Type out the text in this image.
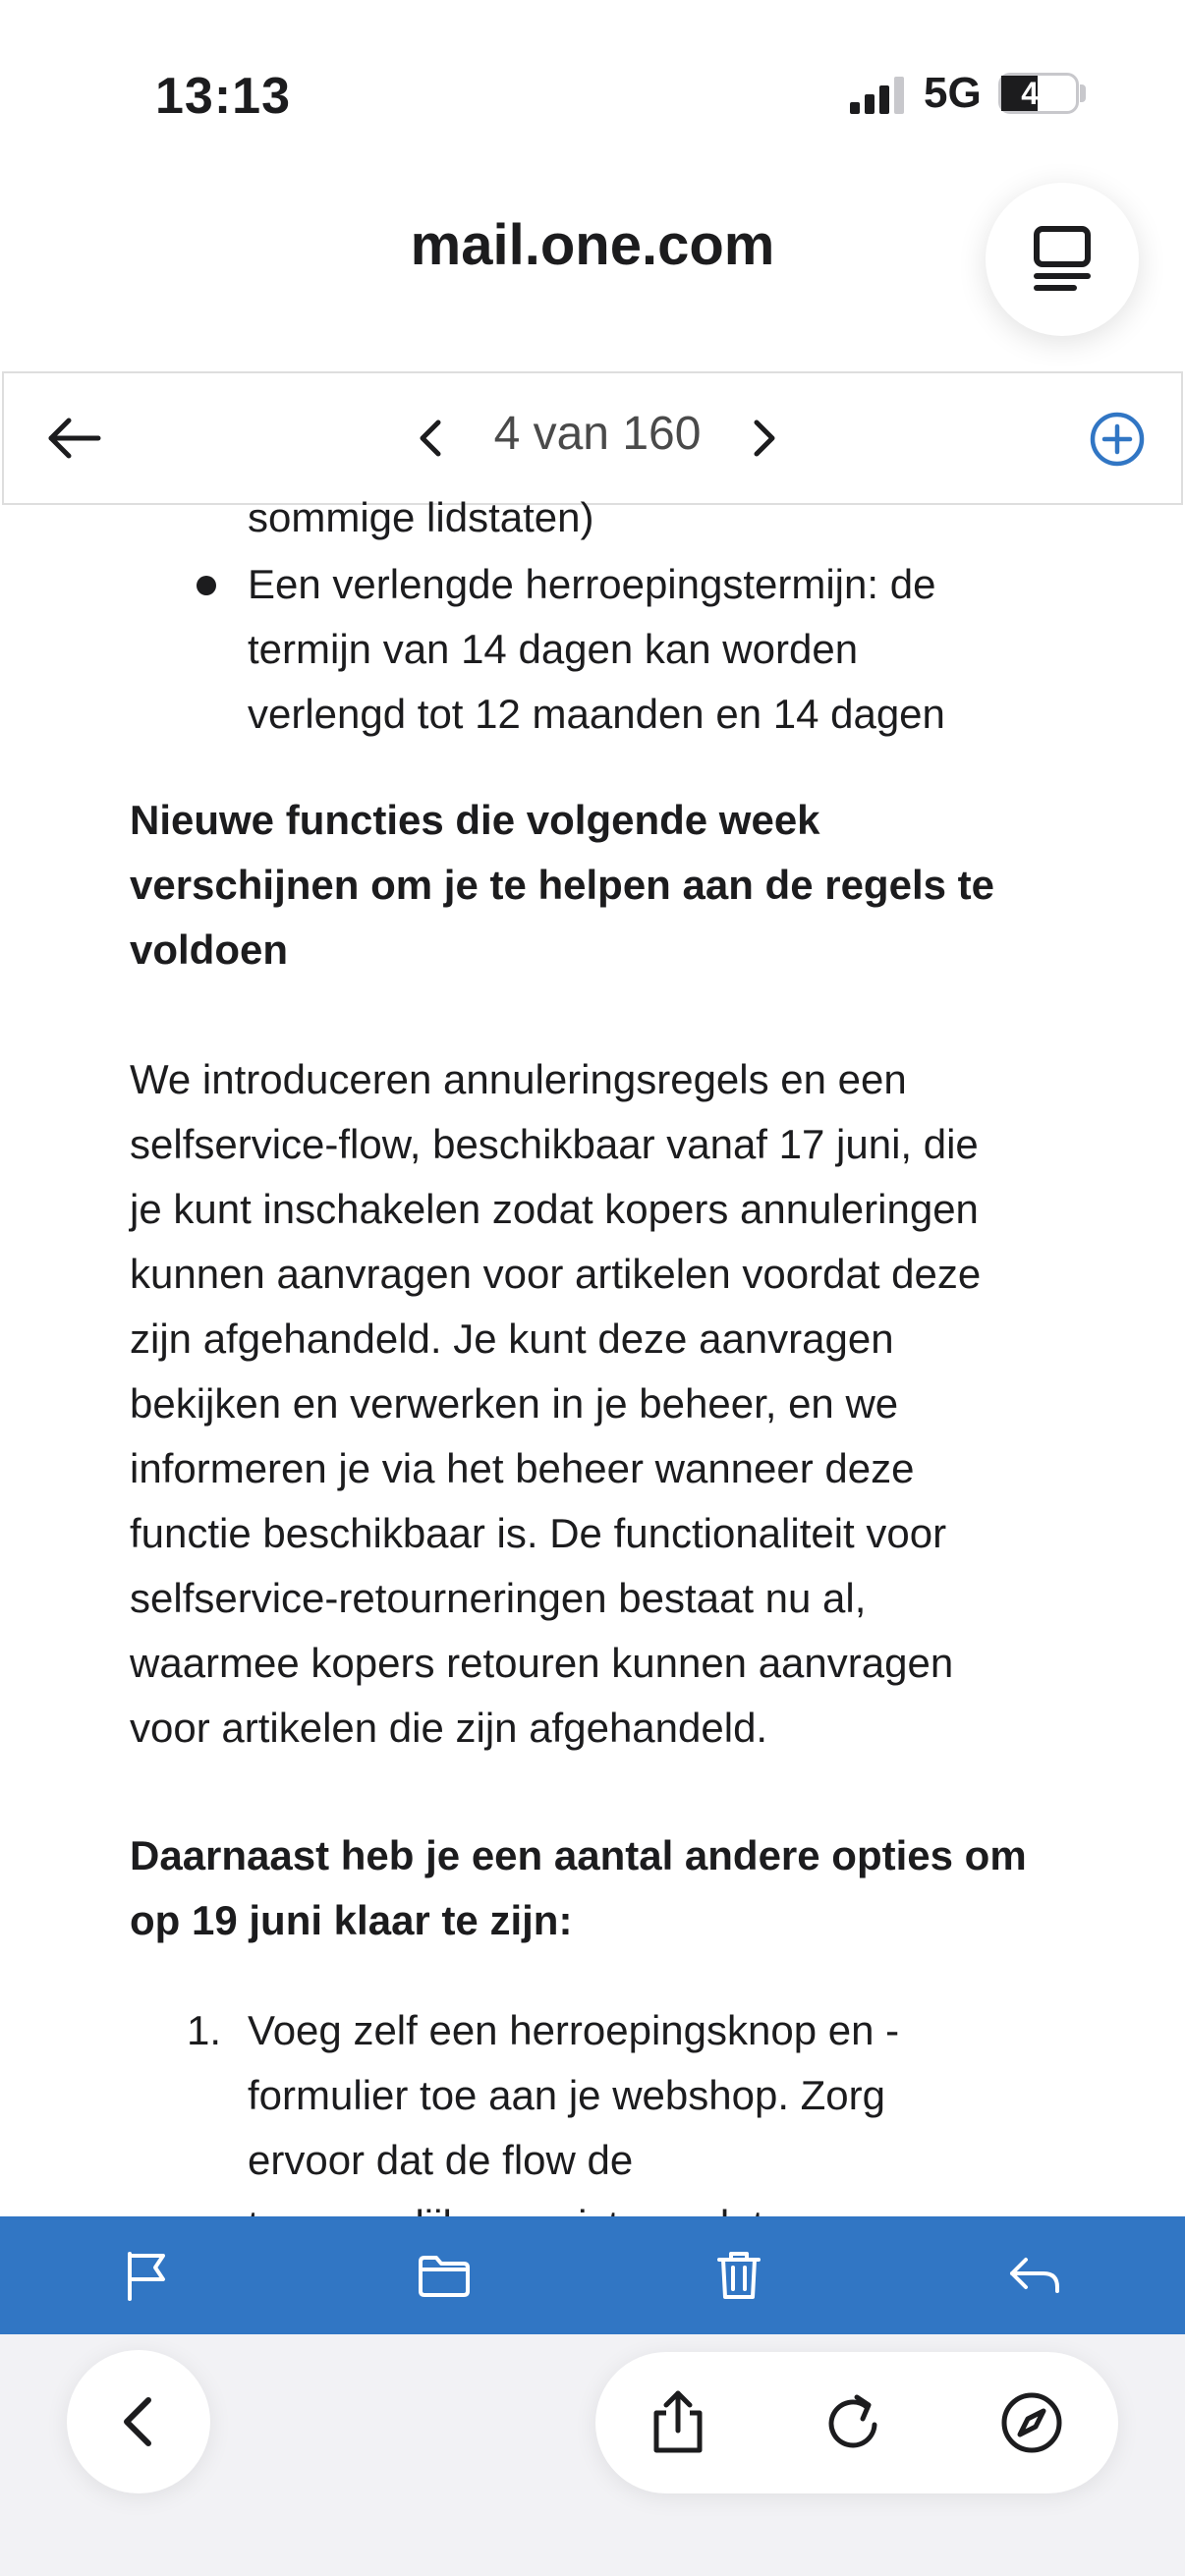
13:13	5G	49
mail.one.com
4 van 160
sommige lidstaten)
Een verlengde herroepingstermijn: de
termijn van 14 dagen kan worden
verlengd tot 12 maanden en 14 dagen
Nieuwe functies die volgende week
verschijnen om je te helpen aan de regels te
voldoen
We introduceren annuleringsregels en een
selfservice-flow, beschikbaar vanaf 17 juni, die
je kunt inschakelen zodat kopers annuleringen
kunnen aanvragen voor artikelen voordat deze
zijn afgehandeld. Je kunt deze aanvragen
bekijken en verwerken in je beheer, en we
informeren je via het beheer wanneer deze
functie beschikbaar is. De functionaliteit voor
selfservice-retourneringen bestaat nu al,
waarmee kopers retouren kunnen aanvragen
voor artikelen die zijn afgehandeld.
Daarnaast heb je een aantal andere opties om
op 19 juni klaar te zijn:
1. Voeg zelf een herroepingsknop en -
formulier toe aan je webshop. Zorg
ervoor dat de flow de
